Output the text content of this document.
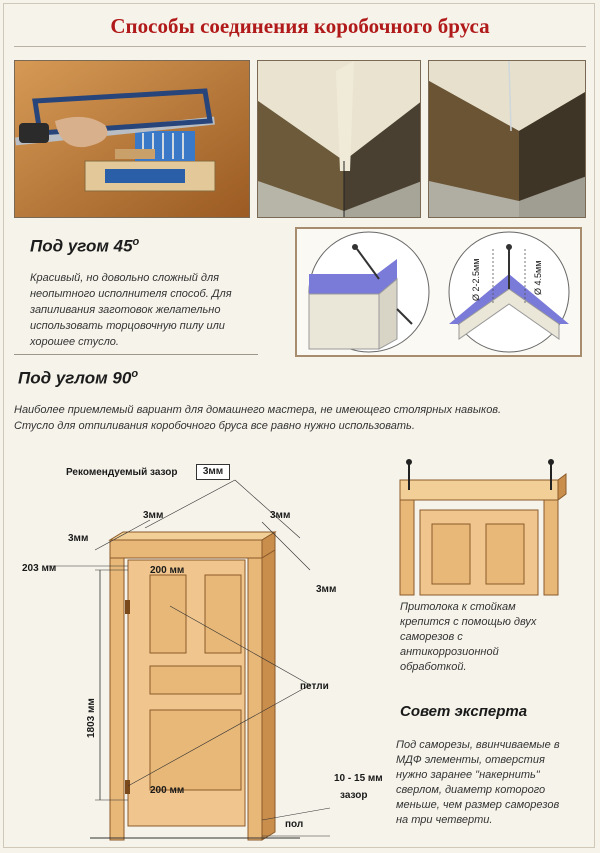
Способы соединения коробочного бруса
Под угом $45^о$
Красивый, но довольно сложный для
неопытного исполнителя способ. Для
запиливания заготовок желательно
использовать торцовочную пилу или
хорошее стусло.
Ø 2-2.5мм	Ø 4.5мм
Под углом $90^о$
Наиболее приемлемый вариант для домашнего мастера, не имеющего столярных навыков.
Стусло для отпиливания коробочного бруса все равно нужно использовать.
Рекомендуемый зазор	3мм
3мм	3мм
3мм
3мм
203 мм	200 мм
1803 мм
200 мм
петли
10 - 15 мм
зазор
пол
Притолока к стойкам
крепится с помощью двух
саморезов с
антикоррозионной
обработкой.
Совет эксперта
Под саморезы, ввинчиваемые в
МДФ элементы, отверстия
нужно заранее "накернить"
сверлом, диаметр которого
меньше, чем размер саморезов
на три четверти.
